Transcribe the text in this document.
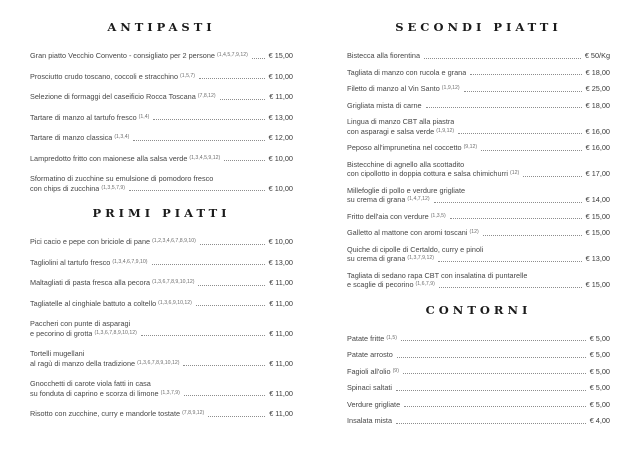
ANTIPASTI
Gran piatto Vecchio Convento - consigliato per 2 persone (1,4,5,7,9,12)	€ 15,00
Prosciutto crudo toscano, coccoli e stracchino (1,5,7)	€ 10,00
Selezione di formaggi del caseificio Rocca Toscana (7,8,12)	€ 11,00
Tartare di manzo al tartufo fresco (1,4)	€ 13,00
Tartare di manzo classica (1,3,4)	€ 12,00
Lampredotto fritto con maionese alla salsa verde (1,3,4,5,9,12)	€ 10,00
Sformatino di zucchine su emulsione di pomodoro fresco
con chips di zucchina (1,3,5,7,9)	€ 10,00
PRIMI PIATTI
Pici cacio e pepe con briciole di pane (1,2,3,4,6,7,8,9,10)	€ 10,00
Tagliolini al tartufo fresco (1,3,4,6,7,9,10)	€ 13,00
Maltagliati di pasta fresca alla pecora (1,3,6,7,8,9,10,12)	€ 11,00
Tagliatelle al cinghiale battuto a coltello (1,3,6,9,10,12)	€ 11,00
Paccheri con punte di asparagi
e pecorino di grotta (1,3,6,7,8,9,10,12)	€ 11,00
Tortelli mugellani
al ragù di manzo della tradizione (1,3,6,7,8,9,10,12)	€ 11,00
Gnocchetti di carote viola fatti in casa
su fonduta di caprino e scorza di limone (1,3,7,9)	€ 11,00
Risotto con zucchine, curry e mandorle tostate (7,8,9,12)	€ 11,00
SECONDI PIATTI
Bistecca alla fiorentina	€ 50/Kg
Tagliata di manzo con rucola e grana	€ 18,00
Filetto di manzo al Vin Santo (1,9,12)	€ 25,00
Grigliata mista di carne	€ 18,00
Lingua di manzo CBT alla piastra
con asparagi e salsa verde (1,9,12)	€ 16,00
Peposo all'imprunetina nel coccetto (9,12)	€ 16,00
Bistecchine di agnello alla scottadito
con cipollotto in doppia cottura e salsa chimichurri (12)	€ 17,00
Millefoglie di pollo e verdure grigliate
su crema di grana (1,4,7,12)	€ 14,00
Fritto dell'aia con verdure (1,3,5)	€ 15,00
Galletto al mattone con aromi toscani (12)	€ 15,00
Quiche di cipolle di Certaldo, curry e pinoli
su crema di grana (1,3,7,9,12)	€ 13,00
Tagliata di sedano rapa CBT con insalatina di puntarelle
e scaglie di pecorino (1,6,7,9)	€ 15,00
CONTORNI
Patate fritte (1,5)	€ 5,00
Patate arrosto	€ 5,00
Fagioli all'olio (9)	€ 5,00
Spinaci saltati	€ 5,00
Verdure grigliate	€ 5,00
Insalata mista	€ 4,00
